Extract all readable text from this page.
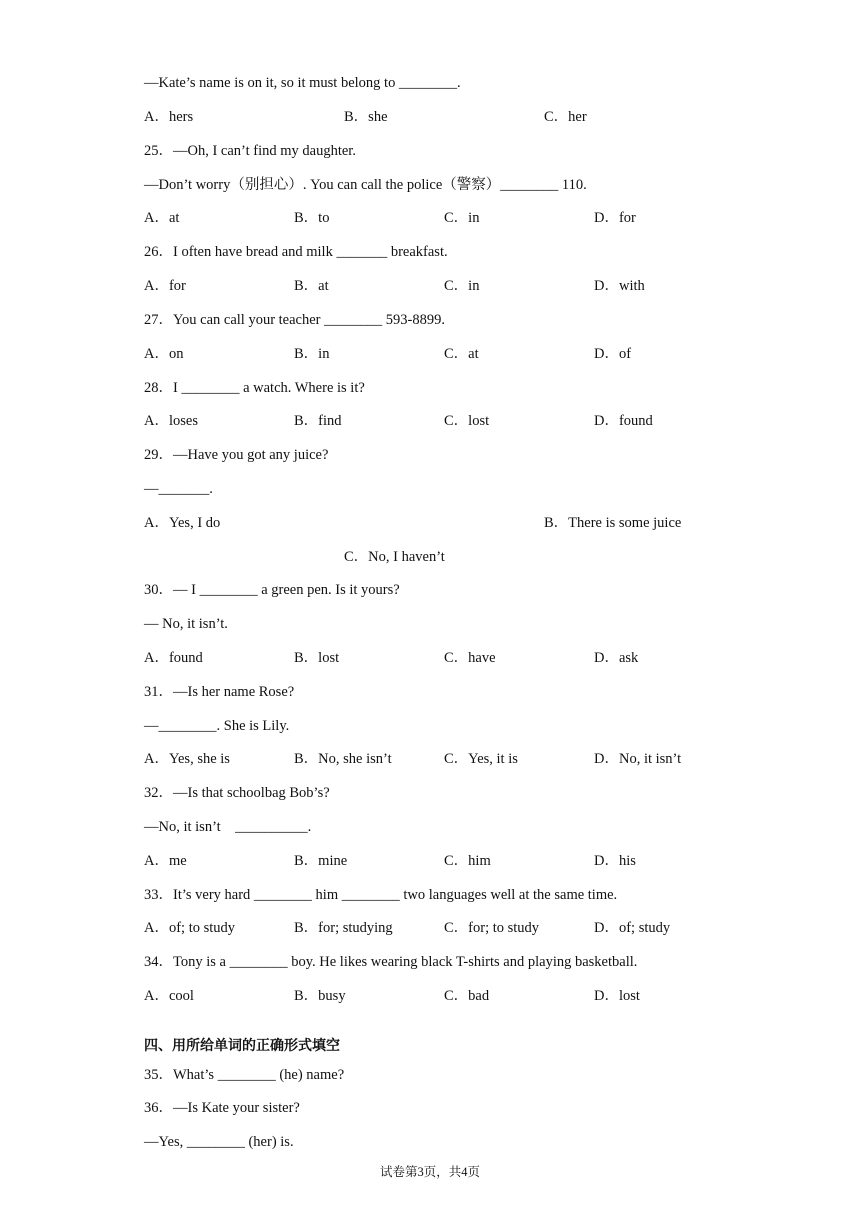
—Kate’s name is on it, so it must belong to ________.
A．hers	B．she	C．her
25．—Oh, I can’t find my daughter.
—Don’t worry（别担心）. You can call the police（警察）________ 110.
A．at	B．to	C．in	D．for
26．I often have bread and milk _______ breakfast.
A．for	B．at	C．in	D．with
27．You can call your teacher ________ 593-8899.
A．on	B．in	C．at	D．of
28．I ________ a watch. Where is it?
A．loses	B．find	C．lost	D．found
29．—Have you got any juice?
—_______.
A．Yes, I do	B．There is some juice
C．No, I haven’t
30．— I ________ a green pen. Is it yours?
— No, it isn’t.
A．found	B．lost	C．have	D．ask
31．—Is her name Rose?
—________. She is Lily.
A．Yes, she is	B．No, she isn’t	C．Yes, it is	D．No, it isn’t
32．—Is that schoolbag Bob’s?
—No, it isn’t    __________.
A．me	B．mine	C．him	D．his
33．It’s very hard ________ him ________ two languages well at the same time.
A．of; to study	B．for; studying	C．for; to study	D．of; study
34．Tony is a ________ boy. He likes wearing black T-shirts and playing basketball.
A．cool	B．busy	C．bad	D．lost
四、用所给单词的正确形式填空
35．What’s ________ (he) name?
36．—Is Kate your sister?
—Yes, ________ (her) is.
试卷第3页，共4页
